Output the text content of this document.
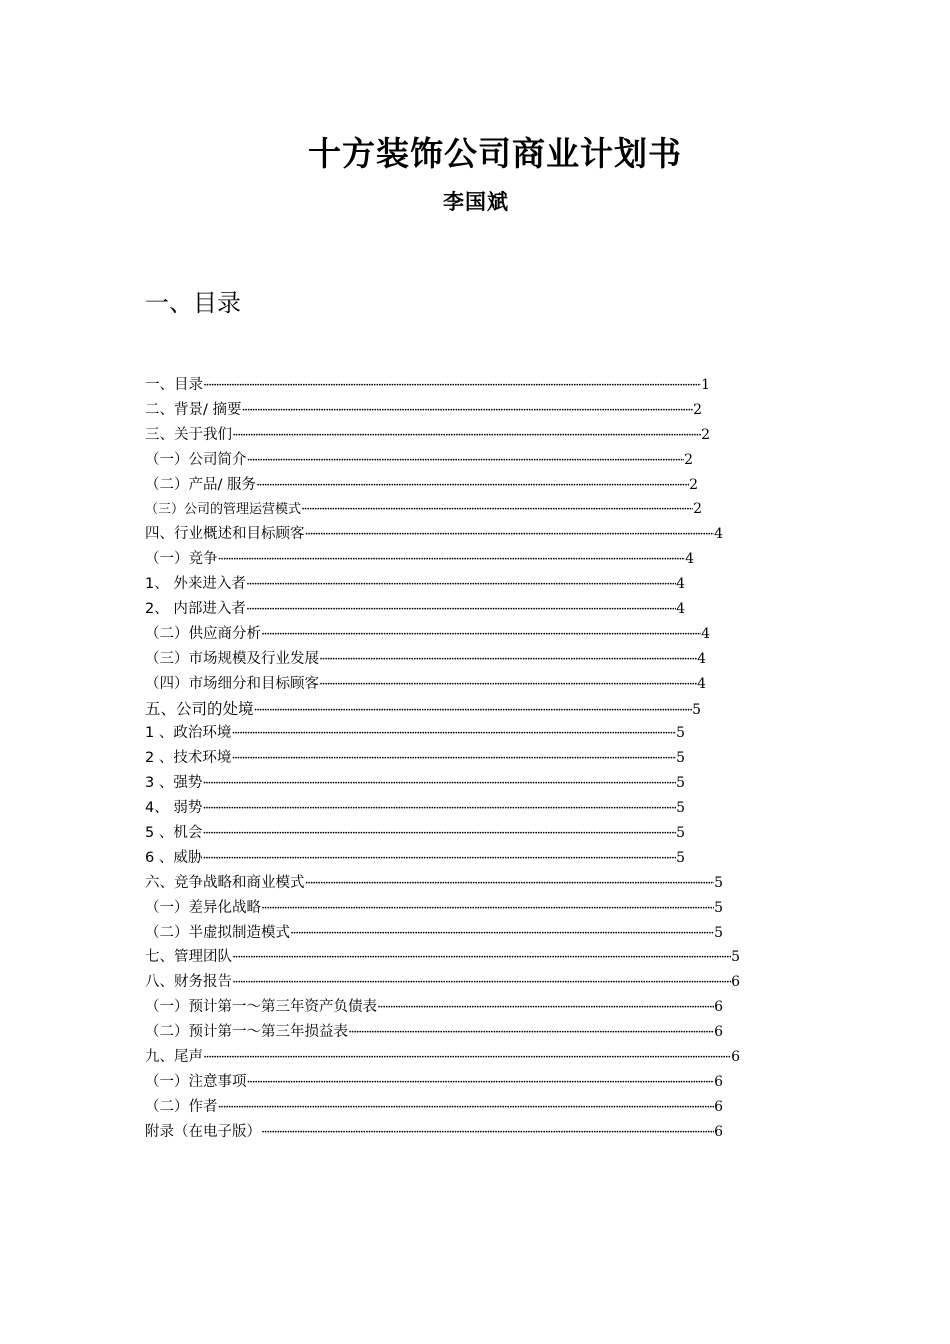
十方装饰公司商业计划书
李国斌
一、目录
一、目录 ·····	1
二、背景/ 摘要 ·····	2
三、关于我们 ·····	2
（一）公司简介 ·····	2
（二）产品/ 服务 ·····	2
（三）公司的管理运营模式 ·····	2
四、行业概述和目标顾客 ·····	4
（一）竞争 ·····	4
1、 外来进入者 ·····	4
2、 内部进入者 ·····	4
（二）供应商分析 ·····	4
（三）市场规模及行业发展 ·····	4
（四）市场细分和目标顾客 ·····	4
五、公司的处境 ·····	5
1 、政治环境 ·····	5
2 、技术环境 ·····	5
3 、强势 ·····	5
4、 弱势 ·····	5
5 、机会 ·····	5
6 、威胁 ·····	5
六、竞争战略和商业模式 ·····	5
（一）差异化战略 ·····	5
（二）半虚拟制造模式 ·····	5
七、管理团队 ·····	5
八、财务报告 ·····	6
（一）预计第一～第三年资产负债表 ·····	6
（二）预计第一～第三年损益表 ·····	6
九、尾声 ·····	6
（一）注意事项 ·····	6
（二）作者 ·····	6
附录（在电子版） ·····	6
